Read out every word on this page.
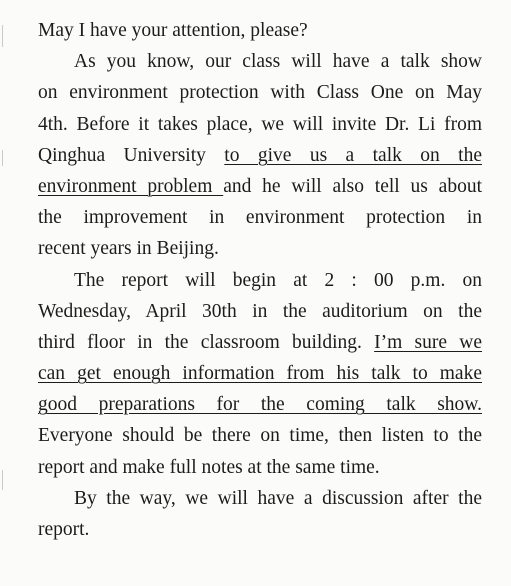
May I have your attention, please?
As you know, our class will have a talk show
on environment protection with Class One on May
4th. Before it takes place, we will invite Dr. Li from
Qinghua University to give us a talk on the
environment problem and he will also tell us about
the improvement in environment protection in
recent years in Beijing.
The report will begin at 2 : 00 p.m. on
Wednesday, April 30th in the auditorium on the
third floor in the classroom building. I’m sure we
can get enough information from his talk to make
good preparations for the coming talk show.
Everyone should be there on time, then listen to the
report and make full notes at the same time.
By the way, we will have a discussion after the
report.
